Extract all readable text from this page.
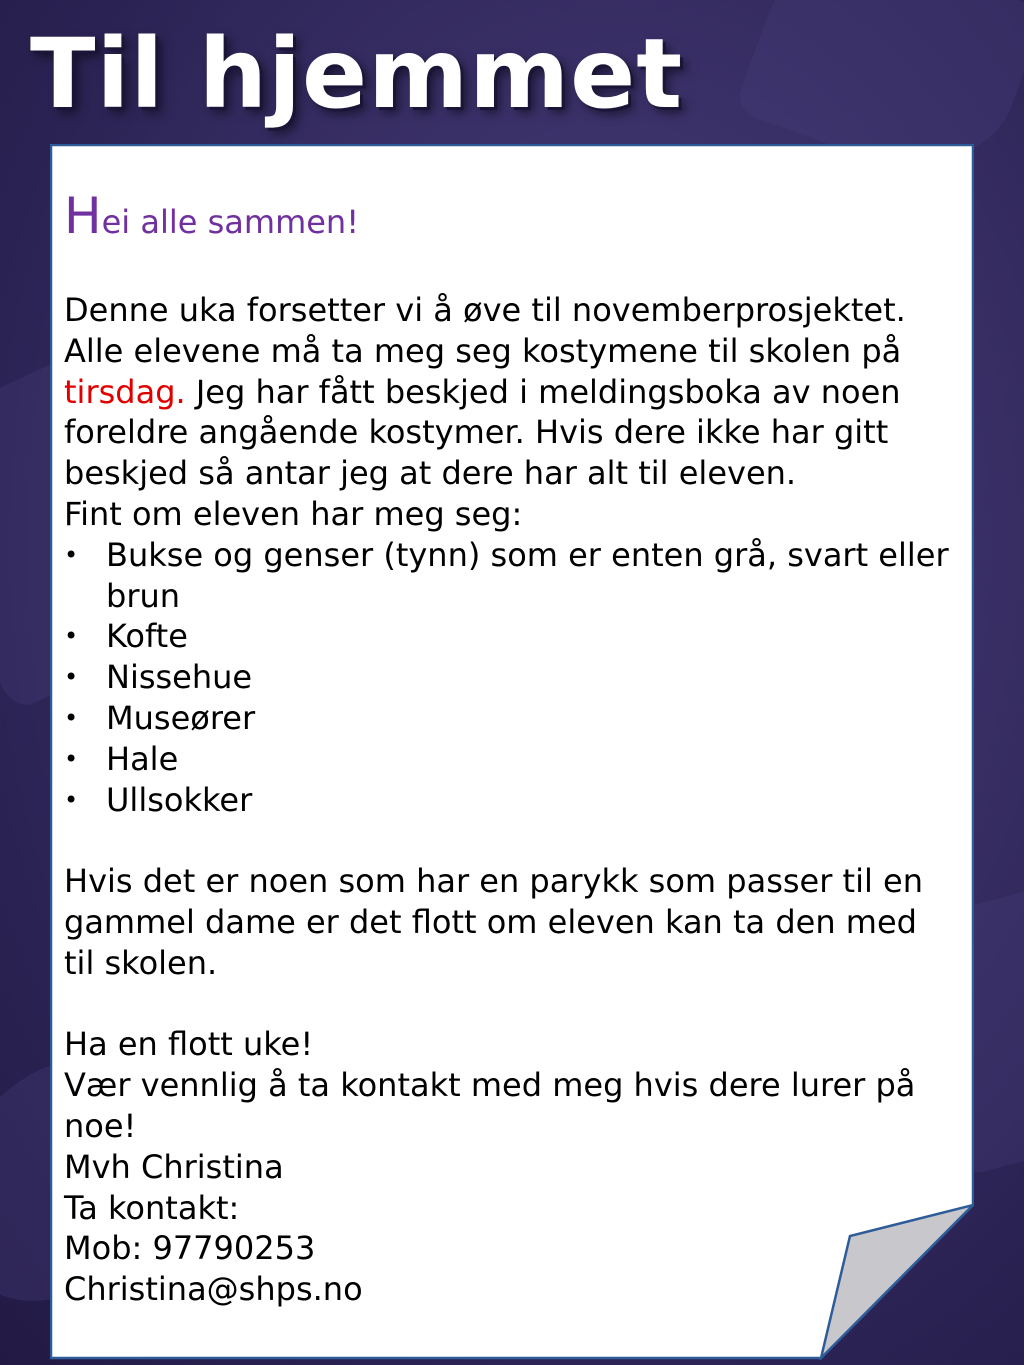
Til hjemmet

Hei alle sammen!

Denne uka forsetter vi å øve til novemberprosjektet. Alle elevene må ta meg seg kostymene til skolen på tirsdag. Jeg har fått beskjed i meldingsboka av noen foreldre angående kostymer. Hvis dere ikke har gitt beskjed så antar jeg at dere har alt til eleven.

Fint om eleven har meg seg:

• Bukse og genser (tynn) som er enten grå, svart eller brun
• Kofte
• Nissehue
• Museører
• Hale
• Ullsokker

Hvis det er noen som har en parykk som passer til en gammel dame er det flott om eleven kan ta den med til skolen.

Ha en flott uke!

Vær vennlig å ta kontakt med meg hvis dere lurer på noe!

Mvh Christina

Ta kontakt:

Mob: 97790253

Christina@shps.no
